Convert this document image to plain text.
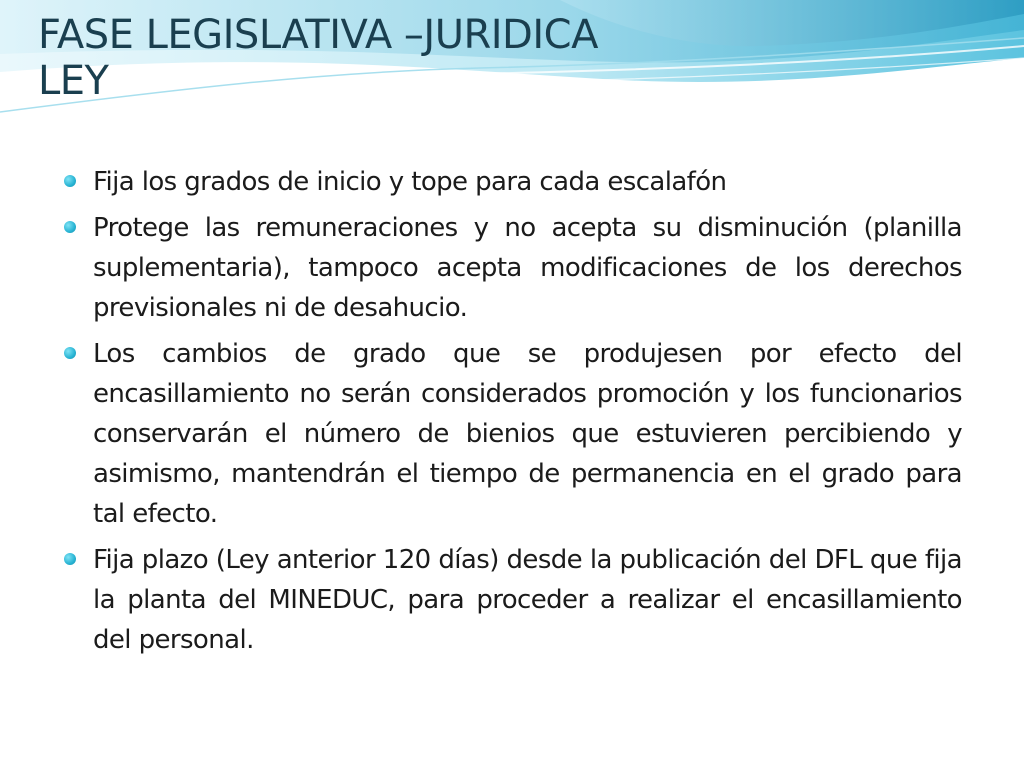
FASE LEGISLATIVA –JURIDICA
LEY
Fija los grados de inicio y tope para cada escalafón
Protege las remuneraciones y no acepta su disminución (planilla suplementaria), tampoco acepta modificaciones de los derechos previsionales ni de desahucio.
Los cambios de grado que se produjesen por efecto del encasillamiento no serán considerados promoción y los funcionarios conservarán el número de bienios que estuvieren percibiendo y asimismo, mantendrán el tiempo de permanencia en el grado para tal efecto.
Fija plazo (Ley anterior 120 días) desde la publicación del DFL que fija la planta del MINEDUC, para proceder a realizar el encasillamiento del personal.
